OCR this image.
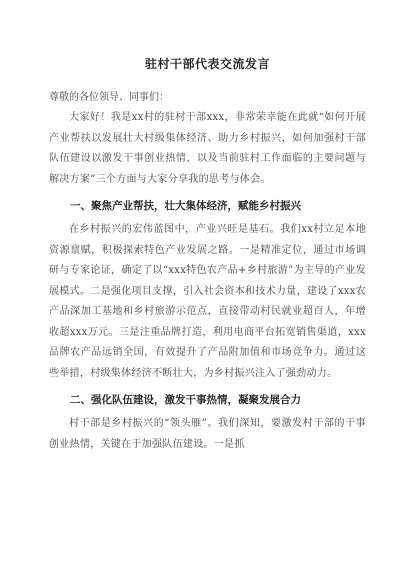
驻村干部代表交流发言

尊敬的各位领导、同事们：

大家好！我是xx村的驻村干部xxx，非常荣幸能在此就“如何开展产业帮扶以发展壮大村级集体经济、助力乡村振兴，如何加强村干部队伍建设以激发干事创业热情，以及当前驻村工作面临的主要问题与解决方案”三个方面与大家分享我的思考与体会。

一、聚焦产业帮扶，壮大集体经济，赋能乡村振兴

在乡村振兴的宏伟蓝图中，产业兴旺是基石。我们xx村立足本地资源禀赋，积极探索特色产业发展之路。一是精准定位，通过市场调研与专家论证，确定了以“xxx特色农产品+乡村旅游”为主导的产业发展模式。二是强化项目支撑，引入社会资本和技术力量，建设了xxx农产品深加工基地和乡村旅游示范点，直接带动村民就业超百人，年增收超xxx万元。三是注重品牌打造，利用电商平台拓宽销售渠道，xxx品牌农产品远销全国，有效提升了产品附加值和市场竞争力。通过这些举措，村级集体经济不断壮大，为乡村振兴注入了强劲动力。

二、强化队伍建设，激发干事热情，凝聚发展合力

村干部是乡村振兴的“领头雁”。我们深知，要激发村干部的干事创业热情，关键在于加强队伍建设。一是抓
